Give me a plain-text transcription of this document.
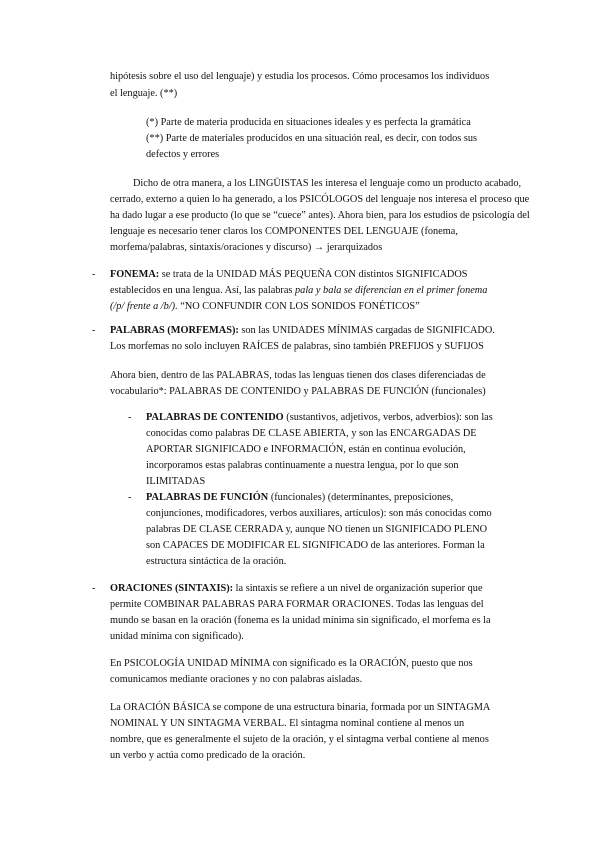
hipótesis sobre el uso del lenguaje) y estudia los procesos. Cómo procesamos los individuos

el lenguaje. (**)

(*) Parte de materia producida en situaciones ideales y es perfecta la gramática

(**) Parte de materiales producidos en una situación real, es decir, con todos sus

defectos y errores

Dicho de otra manera, a los LINGÜISTAS les interesa el lenguaje como un producto acabado,

cerrado, externo a quien lo ha generado, a los PSICÓLOGOS del lenguaje nos interesa el proceso que

ha dado lugar a ese producto (lo que se “cuece” antes). Ahora bien, para los estudios de psicología del

lenguaje es necesario tener claros los COMPONENTES DEL LENGUAJE (fonema,

morfema/palabras, sintaxis/oraciones y discurso) → jerarquizados

- FONEMA: se trata de la UNIDAD MÁS PEQUEÑA CON distintos SIGNIFICADOS

establecidos en una lengua. Así, las palabras pala y bala se diferencian en el primer fonema

(/p/ frente a /b/). “NO CONFUNDIR CON LOS SONIDOS FONÉTICOS”

- PALABRAS (MORFEMAS): son las UNIDADES MÍNIMAS cargadas de SIGNIFICADO.

Los morfemas no solo incluyen RAÍCES de palabras, sino también PREFIJOS y SUFIJOS

Ahora bien, dentro de las PALABRAS, todas las lenguas tienen dos clases diferenciadas de

vocabulario*: PALABRAS DE CONTENIDO y PALABRAS DE FUNCIÓN (funcionales)

- PALABRAS DE CONTENIDO (sustantivos, adjetivos, verbos, adverbios): son las

conocidas como palabras DE CLASE ABIERTA, y son las ENCARGADAS DE

APORTAR SIGNIFICADO e INFORMACIÓN, están en continua evolución,

incorporamos estas palabras continuamente a nuestra lengua, por lo que son

ILIMITADAS

- PALABRAS DE FUNCIÓN (funcionales) (determinantes, preposiciones,

conjunciones, modificadores, verbos auxiliares, artículos): son más conocidas como

palabras DE CLASE CERRADA y, aunque NO tienen un SIGNIFICADO PLENO

son CAPACES DE MODIFICAR EL SIGNIFICADO de las anteriores. Forman la

estructura sintáctica de la oración.

- ORACIONES (SINTAXIS): la sintaxis se refiere a un nivel de organización superior que

permite COMBINAR PALABRAS PARA FORMAR ORACIONES. Todas las lenguas del

mundo se basan en la oración (fonema es la unidad mínima sin significado, el morfema es la

unidad mínima con significado).

En PSICOLOGÍA UNIDAD MÍNIMA con significado es la ORACIÓN, puesto que nos

comunicamos mediante oraciones y no con palabras aisladas.

La ORACIÓN BÁSICA se compone de una estructura binaria, formada por un SINTAGMA

NOMINAL Y UN SINTAGMA VERBAL. El sintagma nominal contiene al menos un

nombre, que es generalmente el sujeto de la oración, y el sintagma verbal contiene al menos

un verbo y actúa como predicado de la oración.
